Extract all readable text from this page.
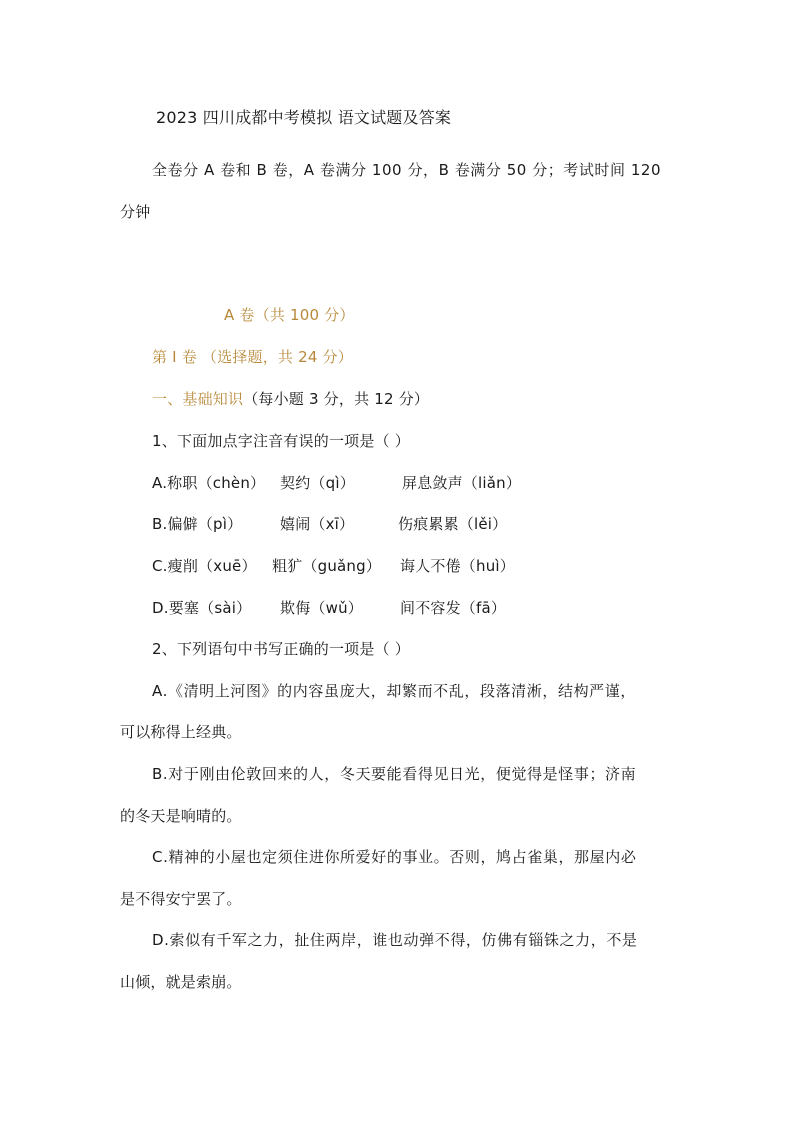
2023 四川成都中考模拟 语文试题及答案
全卷分 A 卷和 B 卷，A 卷满分 100 分，B 卷满分 50 分；考试时间 120
分钟
A 卷（共 100 分）
第 I 卷 （选择题，共 24 分）
一、基础知识（每小题 3 分，共 12 分）
1、下面加点字注音有误的一项是（ ）
A.称职（chèn） 契约（qì）	屏息敛声（liǎn）
B.偏僻（pì）	嬉闹（xī）	伤痕累累（lěi）
C.瘦削（xuē） 粗犷（guǎng） 诲人不倦（huì）
D.要塞（sài） 欺侮（wǔ） 间不容发（fā）
2、下列语句中书写正确的一项是（ ）
A.《清明上河图》的内容虽庞大，却繁而不乱，段落清淅，结构严谨，
可以称得上经典。
B.对于刚由伦敦回来的人，冬天要能看得见日光，便觉得是怪事；济南
的冬天是响晴的。
C.精神的小屋也定须住进你所爱好的事业。否则，鸠占雀巢，那屋内必
是不得安宁罢了。
D.索似有千军之力，扯住两岸，谁也动弹不得，仿佛有锱铢之力，不是
山倾，就是索崩。
